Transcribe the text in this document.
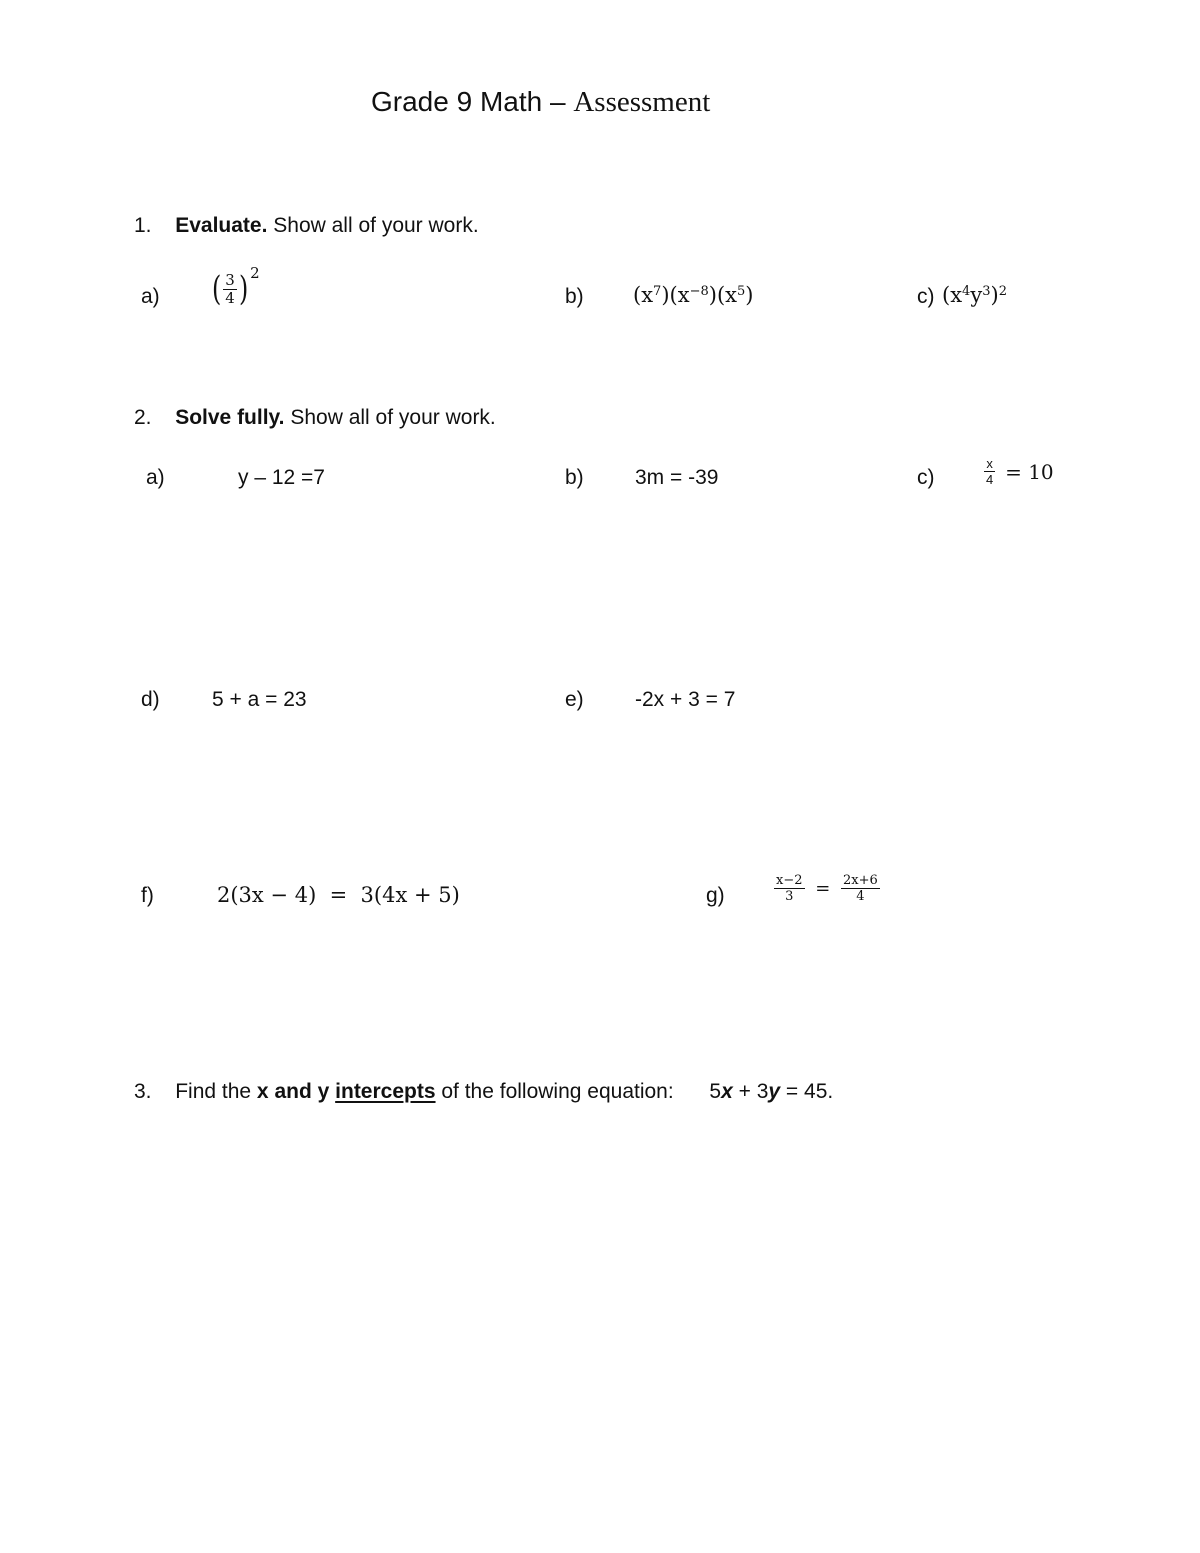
Grade 9 Math – Assessment
1. Evaluate. Show all of your work.
a) ( $\frac{3}{4}$ ) $^2$
b) $(x^7)(x^{-8})(x^5)$	c) $(x^4y^3)^2$
2. Solve fully. Show all of your work.
a)	y – 12 =7	b) 3m = -39	c)	$\frac{x}{4} = 10$
d) 5 + a = 23	e) -2x + 3 = 7
f)	2(3x − 4)  =  3(4x + 5)	g)	$\frac{x-2}{3} = \frac{2x+6}{4}$
3. Find the x and y intercepts of the following equation: 5x + 3y = 45.
